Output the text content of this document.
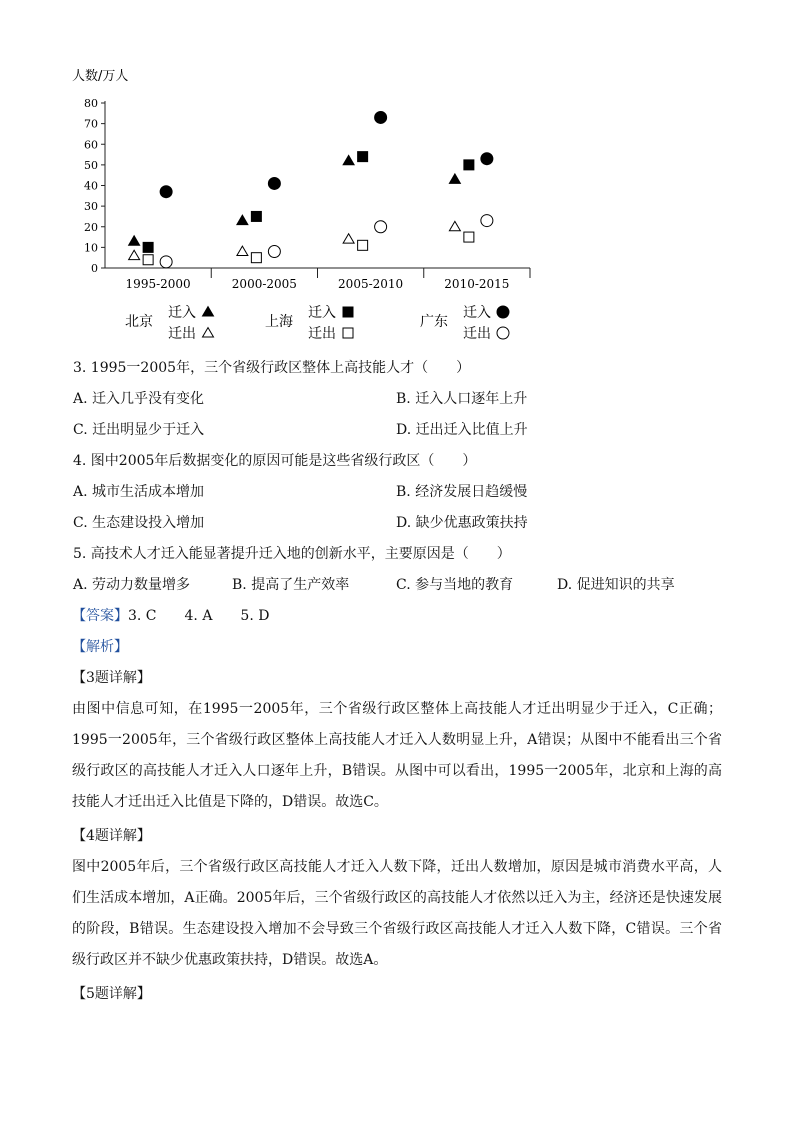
人数/万人
0
10
20
30
40
50
60
70
80
1995-2000	2000-2005	2005-2010	2010-2015
北京
迁入
迁出
上海
迁入
迁出
广东
迁入
迁出
3. 1995一2005年，三个省级行政区整体上高技能人才（　　）
A. 迁入几乎没有变化	B. 迁入人口逐年上升
C. 迁出明显少于迁入	D. 迁出迁入比值上升
4. 图中2005年后数据变化的原因可能是这些省级行政区（　　）
A. 城市生活成本增加	B. 经济发展日趋缓慢
C. 生态建设投入增加	D. 缺少优惠政策扶持
5. 高技术人才迁入能显著提升迁入地的创新水平，主要原因是（　　）
A. 劳动力数量增多	B. 提高了生产效率	C. 参与当地的教育	D. 促进知识的共享
【答案】3. C　　4. A　　5. D
【解析】
【3题详解】
由图中信息可知，在1995一2005年，三个省级行政区整体上高技能人才迁出明显少于迁入，C正确；1995一2005年，三个省级行政区整体上高技能人才迁入人数明显上升，A错误；从图中不能看出三个省级行政区的高技能人才迁入人口逐年上升，B错误。从图中可以看出，1995一2005年，北京和上海的高技能人才迁出迁入比值是下降的，D错误。故选C。
【4题详解】
图中2005年后，三个省级行政区高技能人才迁入人数下降，迁出人数增加，原因是城市消费水平高，人们生活成本增加，A正确。2005年后，三个省级行政区的高技能人才依然以迁入为主，经济还是快速发展的阶段，B错误。生态建设投入增加不会导致三个省级行政区高技能人才迁入人数下降，C错误。三个省级行政区并不缺少优惠政策扶持，D错误。故选A。
【5题详解】
